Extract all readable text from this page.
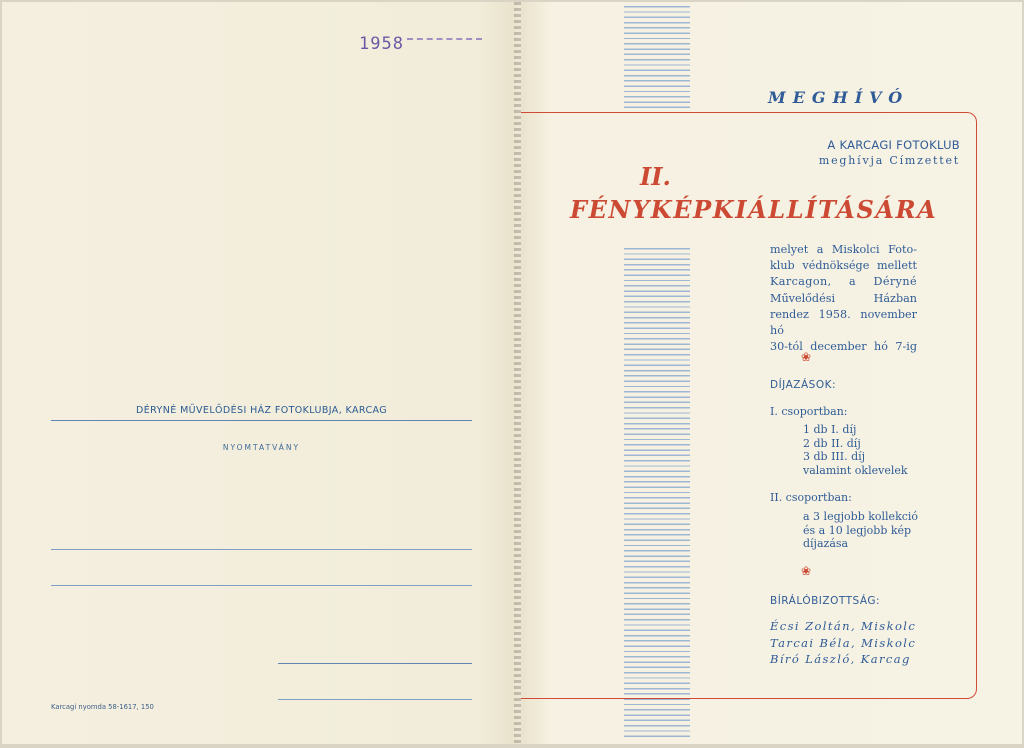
1958
DÉRYNÉ MŰVELŐDÉSI HÁZ FOTOKLUBJA, KARCAG
NYOMTATVÁNY
Karcagi nyomda 58-1617, 150
MEGHÍVÓ
A KARCAGI FOTOKLUB
meghívja Címzettet
II.
FÉNYKÉPKIÁLLÍTÁSÁRA
melyet a Miskolci Foto-
klub védnöksége mellett
Karcagon, a Déryné
Művelődési Házban
rendez 1958. november hó
30-tól december hó 7-ig
❀
DÍJAZÁSOK:
I. csoportban:
1 db I. díj
2 db II. díj
3 db III. díj
valamint oklevelek
II. csoportban:
a 3 legjobb kollekció
és a 10 legjobb kép
díjazása
❀
BÍRÁLÓBIZOTTSÁG:
Écsi Zoltán, Miskolc
Tarcai Béla, Miskolc
Bíró László, Karcag
